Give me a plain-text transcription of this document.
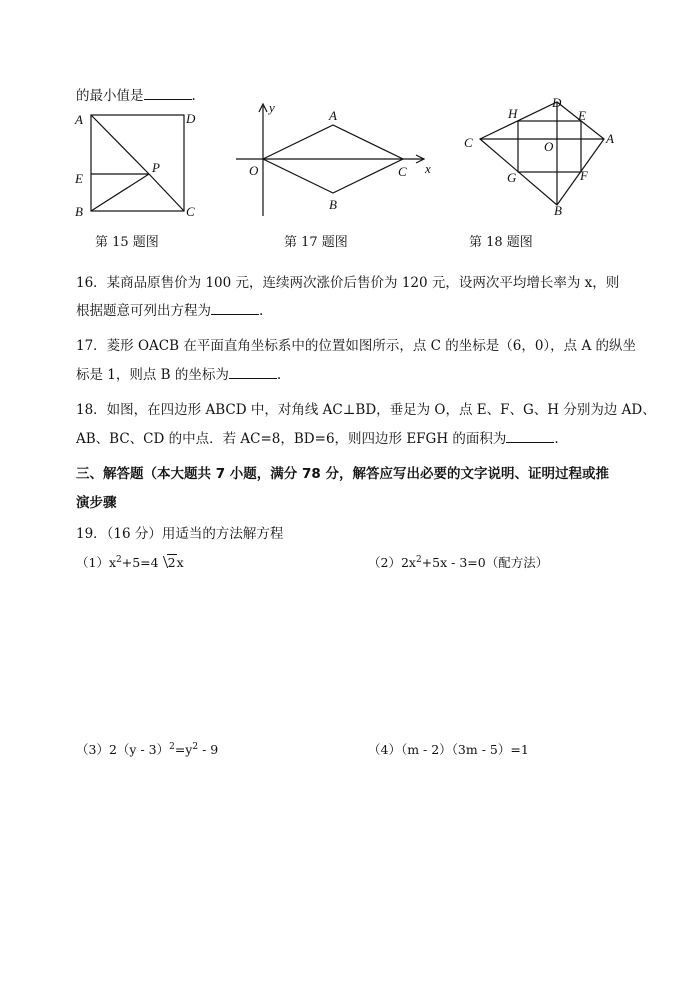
的最小值是	.
A	D
E
B	C
P
y
x
O
A
B
C
C
H
D
E
A
O
G	F
B
第 15 题图	第 17 题图	第 18 题图
16．某商品原售价为 100 元，连续两次涨价后售价为 120 元，设两次平均增长率为 x，则
根据题意可列出方程为	.
17．菱形 OACB 在平面直角坐标系中的位置如图所示，点 C 的坐标是（6，0），点 A 的纵坐
标是 1，则点 B 的坐标为	.
18．如图，在四边形 ABCD 中，对角线 AC⊥BD，垂足为 O，点 E、F、G、H 分别为边 AD、
AB、BC、CD 的中点．若 AC=8，BD=6，则四边形 EFGH 的面积为	.
三、解答题（本大题共 7 小题，满分 78 分，解答应写出必要的文字说明、证明过程或推
演步骤
19．（16 分）用适当的方法解方程
$(1)x^2+5=4$ 2x	$(2)2x^2+5x - 3=0$（配方法）
$(3)2(y - 3)^2=y^2 - 9$	（4）（m - 2）（3m - 5）=1
